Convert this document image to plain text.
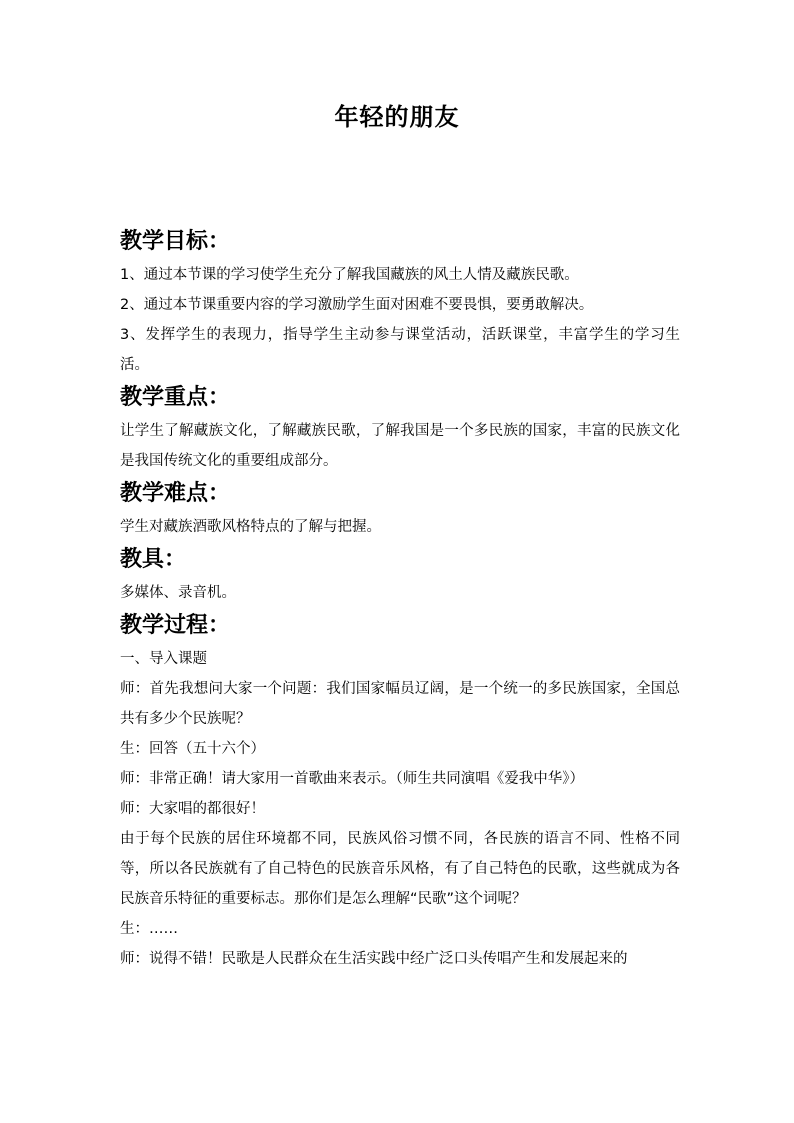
年轻的朋友
教学目标：

1、通过本节课的学习使学生充分了解我国藏族的风土人情及藏族民歌。

2、通过本节课重要内容的学习激励学生面对困难不要畏惧，要勇敢解决。

3、发挥学生的表现力，指导学生主动参与课堂活动，活跃课堂，丰富学生的学习生活。

教学重点：

让学生了解藏族文化，了解藏族民歌，了解我国是一个多民族的国家，丰富的民族文化是我国传统文化的重要组成部分。

教学难点：

学生对藏族酒歌风格特点的了解与把握。

教具：

多媒体、录音机。

教学过程：

一、导入课题

师：首先我想问大家一个问题：我们国家幅员辽阔，是一个统一的多民族国家，全国总共有多少个民族呢？

生：回答（五十六个）

师：非常正确！请大家用一首歌曲来表示。（师生共同演唱《爱我中华》）

师：大家唱的都很好！

由于每个民族的居住环境都不同，民族风俗习惯不同，各民族的语言不同、性格不同等，所以各民族就有了自己特色的民族音乐风格，有了自己特色的民歌，这些就成为各民族音乐特征的重要标志。那你们是怎么理解“民歌”这个词呢？

生：……

师：说得不错！民歌是人民群众在生活实践中经广泛口头传唱产生和发展起来的
